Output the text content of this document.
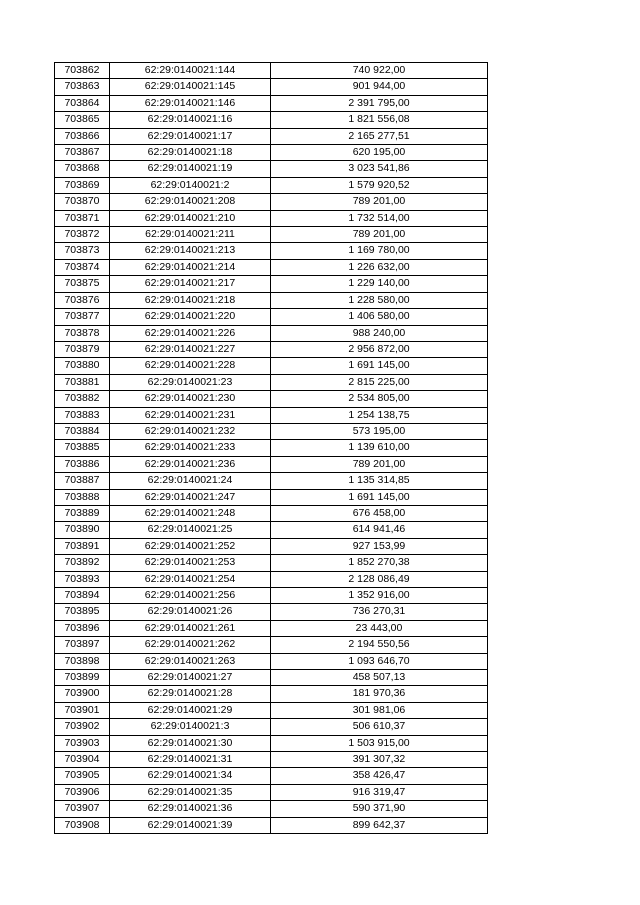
703862	62:29:0140021:144	740 922,00
703863	62:29:0140021:145	901 944,00
703864	62:29:0140021:146	2 391 795,00
703865	62:29:0140021:16	1 821 556,08
703866	62:29:0140021:17	2 165 277,51
703867	62:29:0140021:18	620 195,00
703868	62:29:0140021:19	3 023 541,86
703869	62:29:0140021:2	1 579 920,52
703870	62:29:0140021:208	789 201,00
703871	62:29:0140021:210	1 732 514,00
703872	62:29:0140021:211	789 201,00
703873	62:29:0140021:213	1 169 780,00
703874	62:29:0140021:214	1 226 632,00
703875	62:29:0140021:217	1 229 140,00
703876	62:29:0140021:218	1 228 580,00
703877	62:29:0140021:220	1 406 580,00
703878	62:29:0140021:226	988 240,00
703879	62:29:0140021:227	2 956 872,00
703880	62:29:0140021:228	1 691 145,00
703881	62:29:0140021:23	2 815 225,00
703882	62:29:0140021:230	2 534 805,00
703883	62:29:0140021:231	1 254 138,75
703884	62:29:0140021:232	573 195,00
703885	62:29:0140021:233	1 139 610,00
703886	62:29:0140021:236	789 201,00
703887	62:29:0140021:24	1 135 314,85
703888	62:29:0140021:247	1 691 145,00
703889	62:29:0140021:248	676 458,00
703890	62:29:0140021:25	614 941,46
703891	62:29:0140021:252	927 153,99
703892	62:29:0140021:253	1 852 270,38
703893	62:29:0140021:254	2 128 086,49
703894	62:29:0140021:256	1 352 916,00
703895	62:29:0140021:26	736 270,31
703896	62:29:0140021:261	23 443,00
703897	62:29:0140021:262	2 194 550,56
703898	62:29:0140021:263	1 093 646,70
703899	62:29:0140021:27	458 507,13
703900	62:29:0140021:28	181 970,36
703901	62:29:0140021:29	301 981,06
703902	62:29:0140021:3	506 610,37
703903	62:29:0140021:30	1 503 915,00
703904	62:29:0140021:31	391 307,32
703905	62:29:0140021:34	358 426,47
703906	62:29:0140021:35	916 319,47
703907	62:29:0140021:36	590 371,90
703908	62:29:0140021:39	899 642,37
